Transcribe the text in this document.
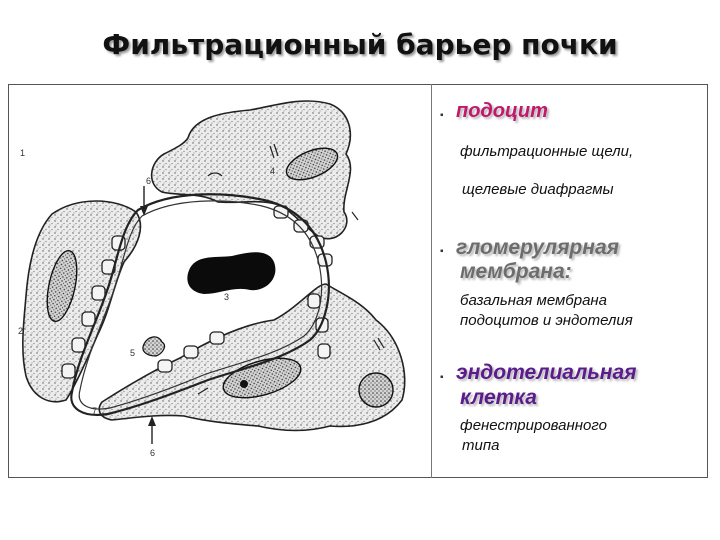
Фильтрационный барьер почки
1
2
3
4
5
6
6
7
▪ подоцит
фильтрационные щели,
щелевые диафрагмы
▪ гломерулярная
мембрана:
базальная мембрана
подоцитов и эндотелия
▪ эндотелиальная
клетка
фенестрированного
типа
